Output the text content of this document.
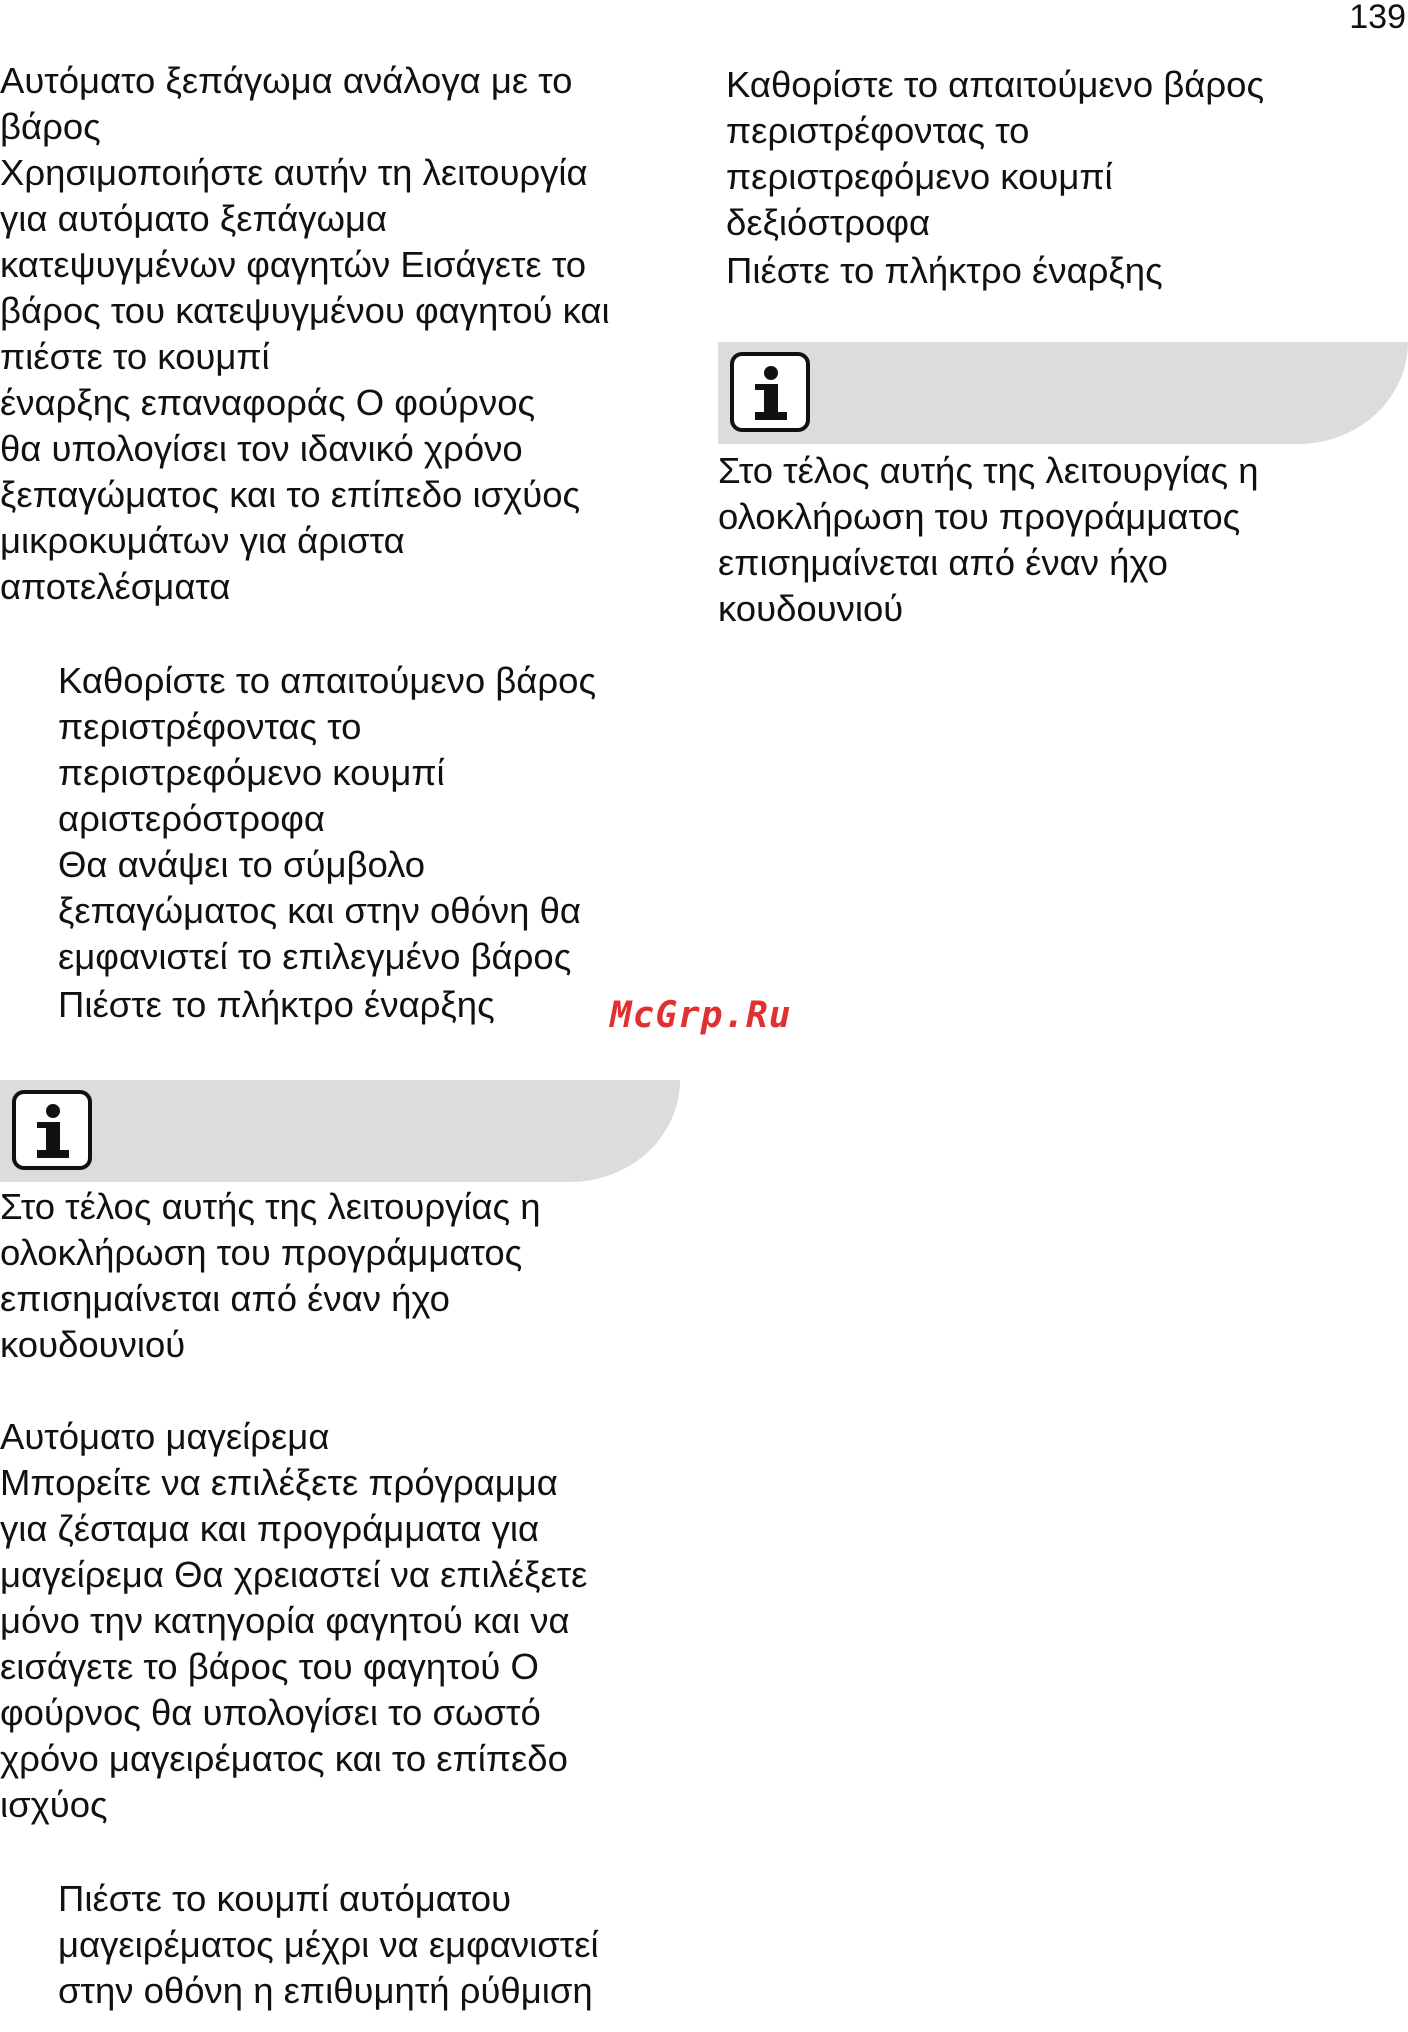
139

Αυτόματο ξεπάγωμα ανάλογα με το
βάρος

Χρησιμοποιήστε αυτήν τη λειτουργία
για αυτόματο ξεπάγωμα
κατεψυγμένων φαγητών Εισάγετε το
βάρος του κατεψυγμένου φαγητού και
πιέστε το κουμπί
έναρξης επαναφοράς Ο φούρνος
θα υπολογίσει τον ιδανικό χρόνο
ξεπαγώματος και το επίπεδο ισχύος
μικροκυμάτων για άριστα
αποτελέσματα

Καθορίστε το απαιτούμενο βάρος
περιστρέφοντας το
περιστρεφόμενο κουμπί
αριστερόστροφα

Θα ανάψει το σύμβολο
ξεπαγώματος και στην οθόνη θα
εμφανιστεί το επιλεγμένο βάρος

Πιέστε το πλήκτρο έναρξης

Στο τέλος αυτής της λειτουργίας η
ολοκλήρωση του προγράμματος
επισημαίνεται από έναν ήχο
κουδουνιού

Αυτόματο μαγείρεμα

Μπορείτε να επιλέξετε πρόγραμμα
για ζέσταμα και προγράμματα για
μαγείρεμα Θα χρειαστεί να επιλέξετε
μόνο την κατηγορία φαγητού και να
εισάγετε το βάρος του φαγητού Ο
φούρνος θα υπολογίσει το σωστό
χρόνο μαγειρέματος και το επίπεδο
ισχύος

Πιέστε το κουμπί αυτόματου
μαγειρέματος μέχρι να εμφανιστεί
στην οθόνη η επιθυμητή ρύθμιση

Καθορίστε το απαιτούμενο βάρος
περιστρέφοντας το
περιστρεφόμενο κουμπί
δεξιόστροφα

Πιέστε το πλήκτρο έναρξης

Στο τέλος αυτής της λειτουργίας η
ολοκλήρωση του προγράμματος
επισημαίνεται από έναν ήχο
κουδουνιού

McGrp.Ru
